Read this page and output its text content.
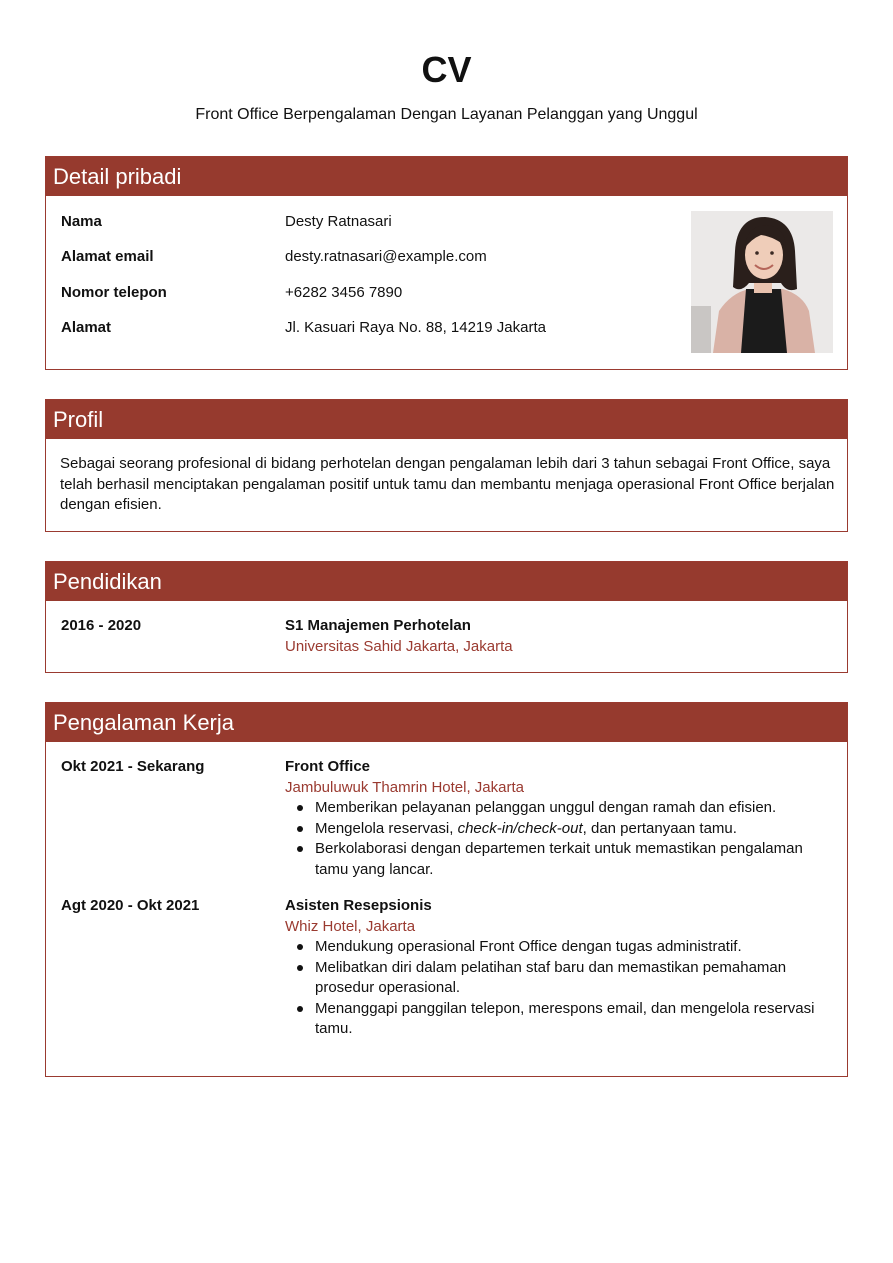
CV
Front Office Berpengalaman Dengan Layanan Pelanggan yang Unggul
Detail pribadi
Nama	Desty Ratnasari
Alamat email	desty.ratnasari@example.com
Nomor telepon	+6282 3456 7890
Alamat	Jl. Kasuari Raya No. 88, 14219 Jakarta
Profil
Sebagai seorang profesional di bidang perhotelan dengan pengalaman lebih dari 3 tahun sebagai Front Office, saya telah berhasil menciptakan pengalaman positif untuk tamu dan membantu menjaga operasional Front Office berjalan dengan efisien.
Pendidikan
2016 - 2020	S1 Manajemen Perhotelan
Universitas Sahid Jakarta, Jakarta
Pengalaman Kerja
Okt 2021 - Sekarang	Front Office
Jambuluwuk Thamrin Hotel, Jakarta
Memberikan pelayanan pelanggan unggul dengan ramah dan efisien.
Mengelola reservasi, check-in/check-out, dan pertanyaan tamu.
Berkolaborasi dengan departemen terkait untuk memastikan pengalaman tamu yang lancar.
Agt 2020 - Okt 2021	Asisten Resepsionis
Whiz Hotel, Jakarta
Mendukung operasional Front Office dengan tugas administratif.
Melibatkan diri dalam pelatihan staf baru dan memastikan pemahaman prosedur operasional.
Menanggapi panggilan telepon, merespons email, dan mengelola reservasi tamu.
